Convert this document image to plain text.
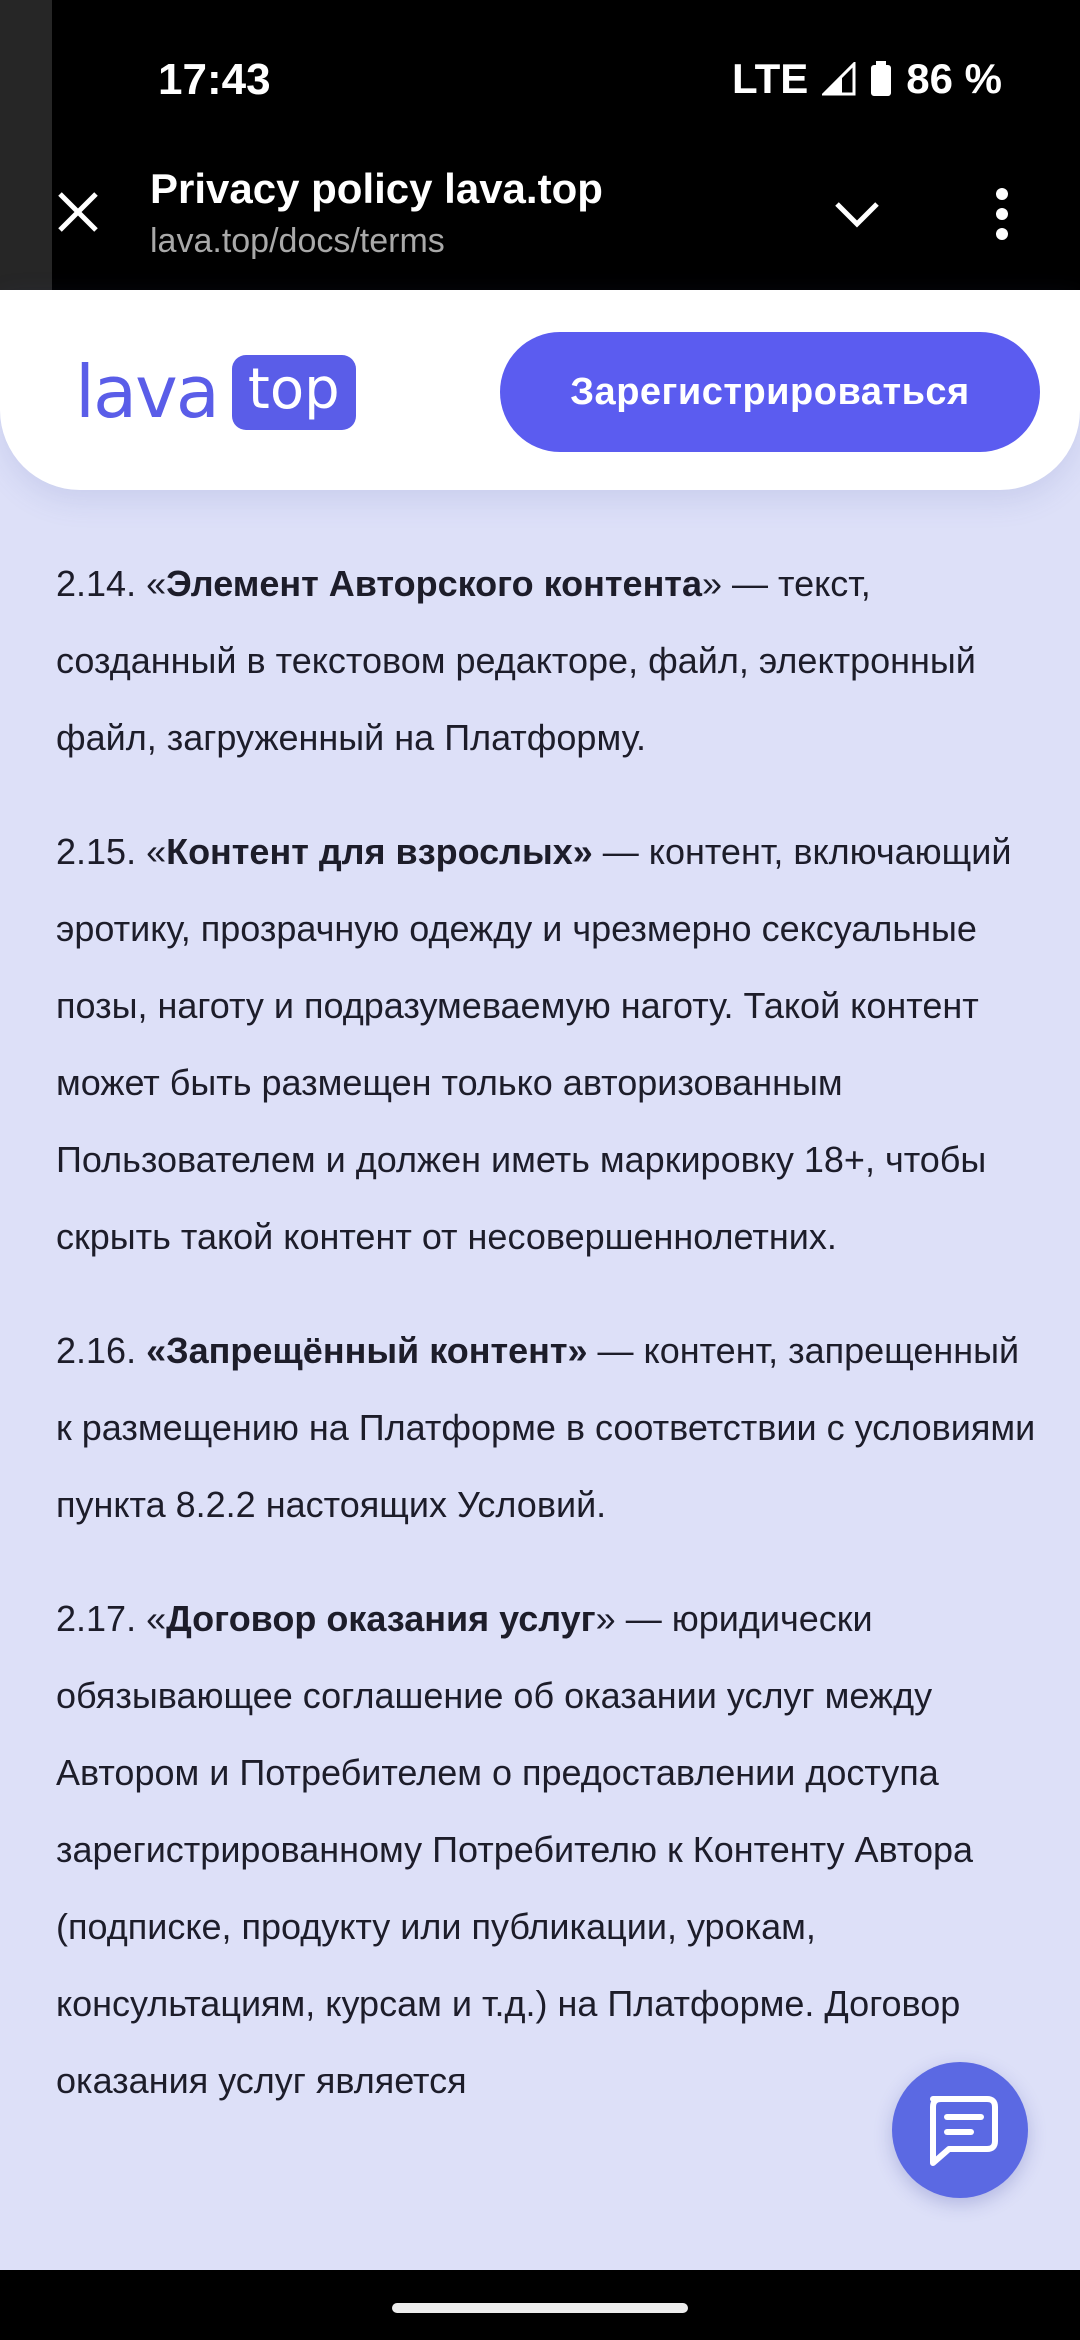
17:43	LTE 86 %
Privacy policy lava.top
lava.top/docs/terms
lava top	Зарегистрироваться

2.14. «Элемент Авторского контента» — текст, созданный в текстовом редакторе, файл, электронный файл, загруженный на Платформу.

2.15. «Контент для взрослых» — контент, включающий эротику, прозрачную одежду и чрезмерно сексуальные позы, наготу и подразумеваемую наготу. Такой контент может быть размещен только авторизованным Пользователем и должен иметь маркировку 18+, чтобы скрыть такой контент от несовершеннолетних.

2.16. «Запрещённый контент» — контент, запрещенный к размещению на Платформе в соответствии с условиями пункта 8.2.2 настоящих Условий.

2.17. «Договор оказания услуг» — юридически обязывающее соглашение об оказании услуг между Автором и Потребителем о предоставлении доступа зарегистрированному Потребителю к Контенту Автора (подписке, продукту или публикации, урокам, консультациям, курсам и т.д.) на Платформе. Договор оказания услуг является
